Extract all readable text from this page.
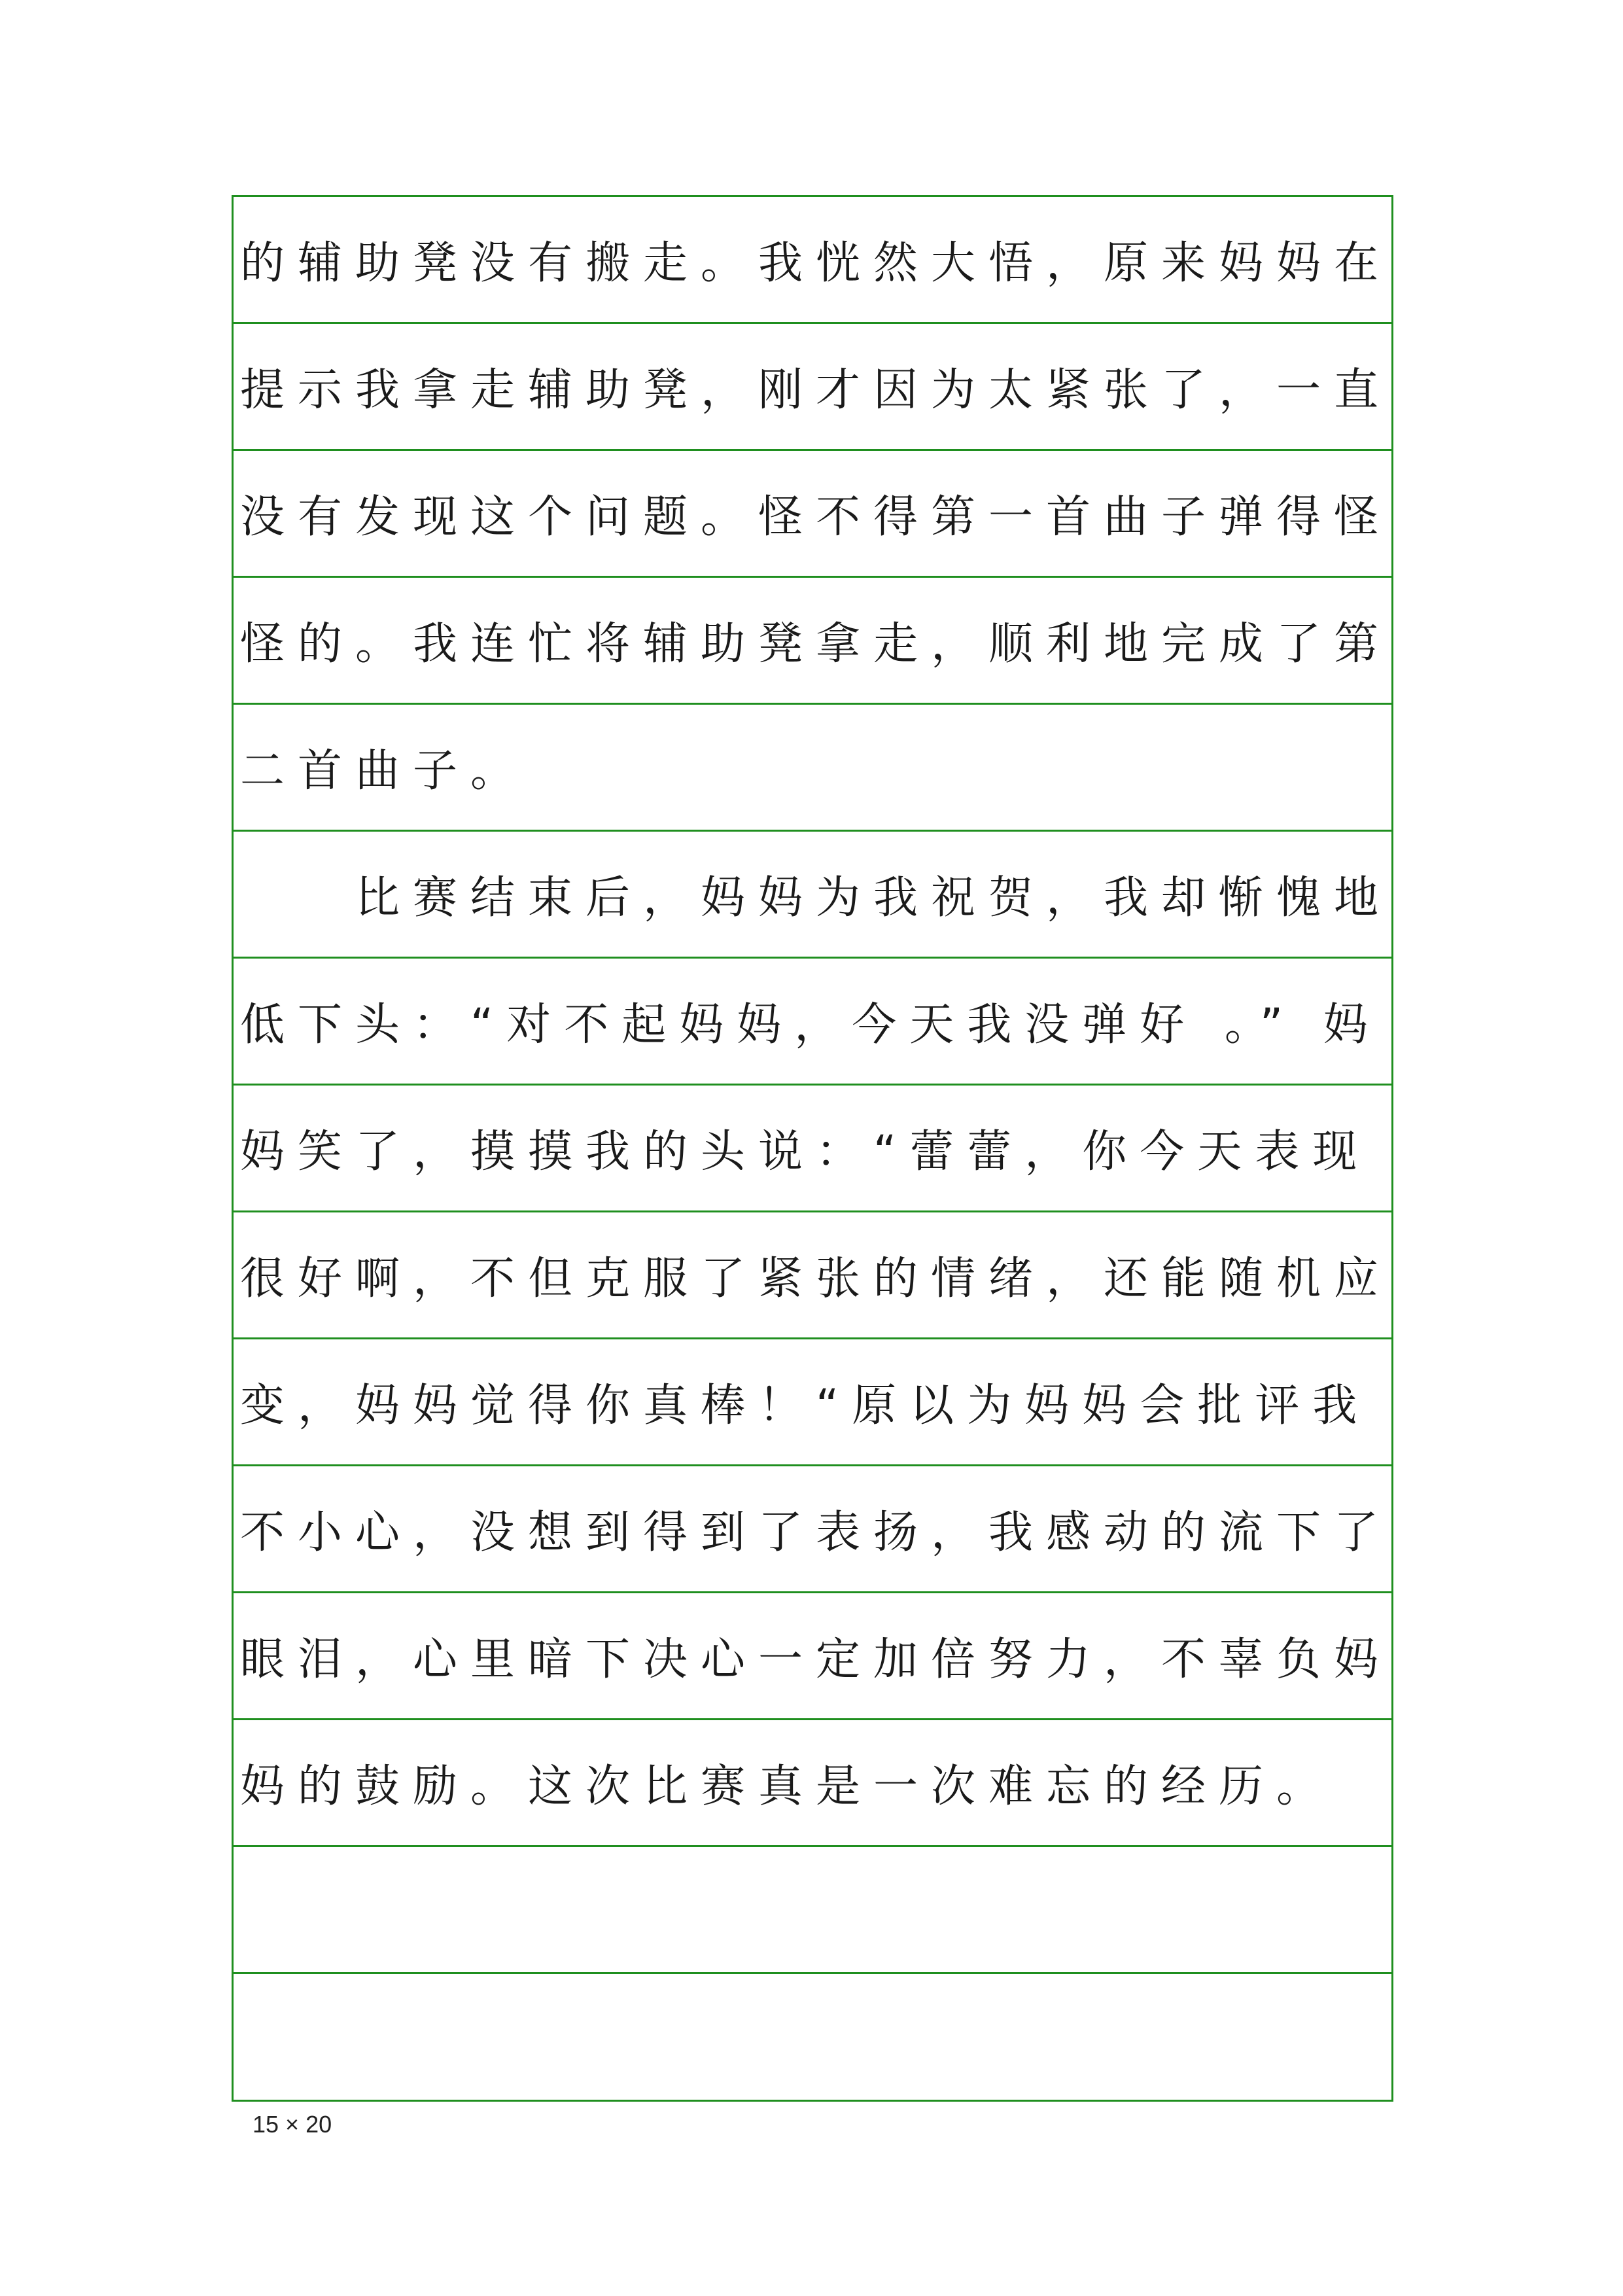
的辅助凳没有搬走。我恍然大悟，原来妈妈在
提示我拿走辅助凳，刚才因为太紧张了，一直
没有发现这个问题。怪不得第一首曲子弹得怪
怪的。我连忙将辅助凳拿走，顺利地完成了第
二首曲子。
　　比赛结束后，妈妈为我祝贺，我却惭愧地
低下头：“对不起妈妈，今天我没弹好 。” 妈
妈笑了，摸摸我的头说：“蕾蕾，你今天表现
很好啊，不但克服了紧张的情绪，还能随机应
变，妈妈觉得你真棒！“原以为妈妈会批评我
不小心，没想到得到了表扬，我感动的流下了
眼泪，心里暗下决心一定加倍努力，不辜负妈
妈的鼓励。这次比赛真是一次难忘的经历。
15 × 20
